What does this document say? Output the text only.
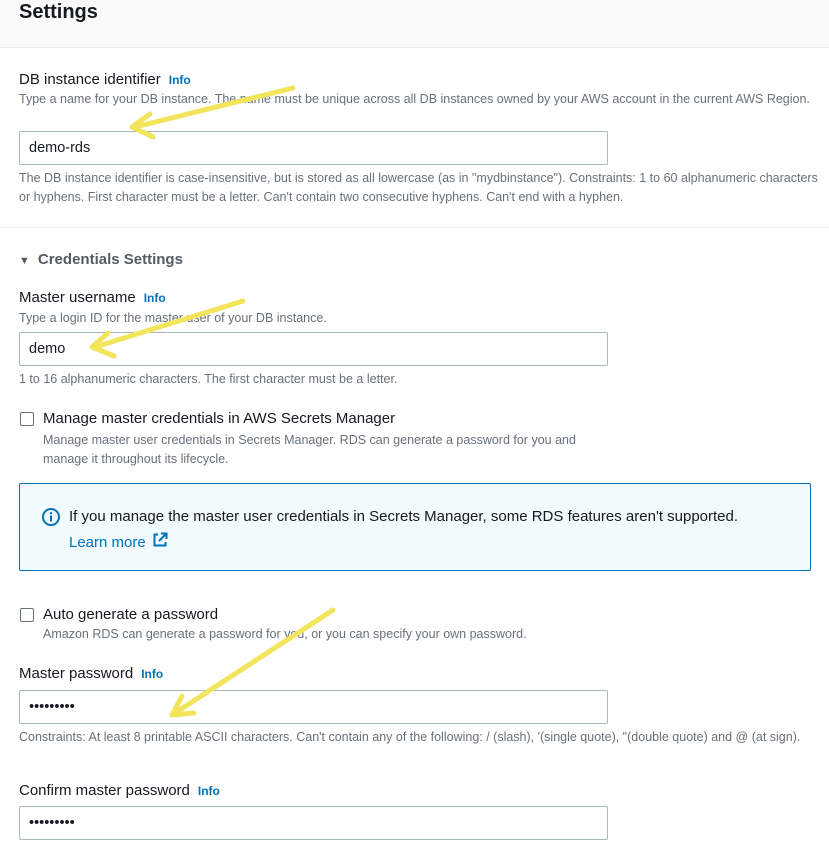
Settings
DB instance identifier Info
Type a name for your DB instance. The name must be unique across all DB instances owned by your AWS account in the current AWS Region.
demo-rds
The DB instance identifier is case-insensitive, but is stored as all lowercase (as in "mydbinstance"). Constraints: 1 to 60 alphanumeric characters or hyphens. First character must be a letter. Can't contain two consecutive hyphens. Can't end with a hyphen.
▼ Credentials Settings
Master username Info
Type a login ID for the master user of your DB instance.
demo
1 to 16 alphanumeric characters. The first character must be a letter.
Manage master credentials in AWS Secrets Manager
Manage master user credentials in Secrets Manager. RDS can generate a password for you and manage it throughout its lifecycle.
If you manage the master user credentials in Secrets Manager, some RDS features aren't supported.
Learn more
Auto generate a password
Amazon RDS can generate a password for you, or you can specify your own password.
Master password Info
•••••••••
Constraints: At least 8 printable ASCII characters. Can't contain any of the following: / (slash), '(single quote), "(double quote) and @ (at sign).
Confirm master password Info
•••••••••
